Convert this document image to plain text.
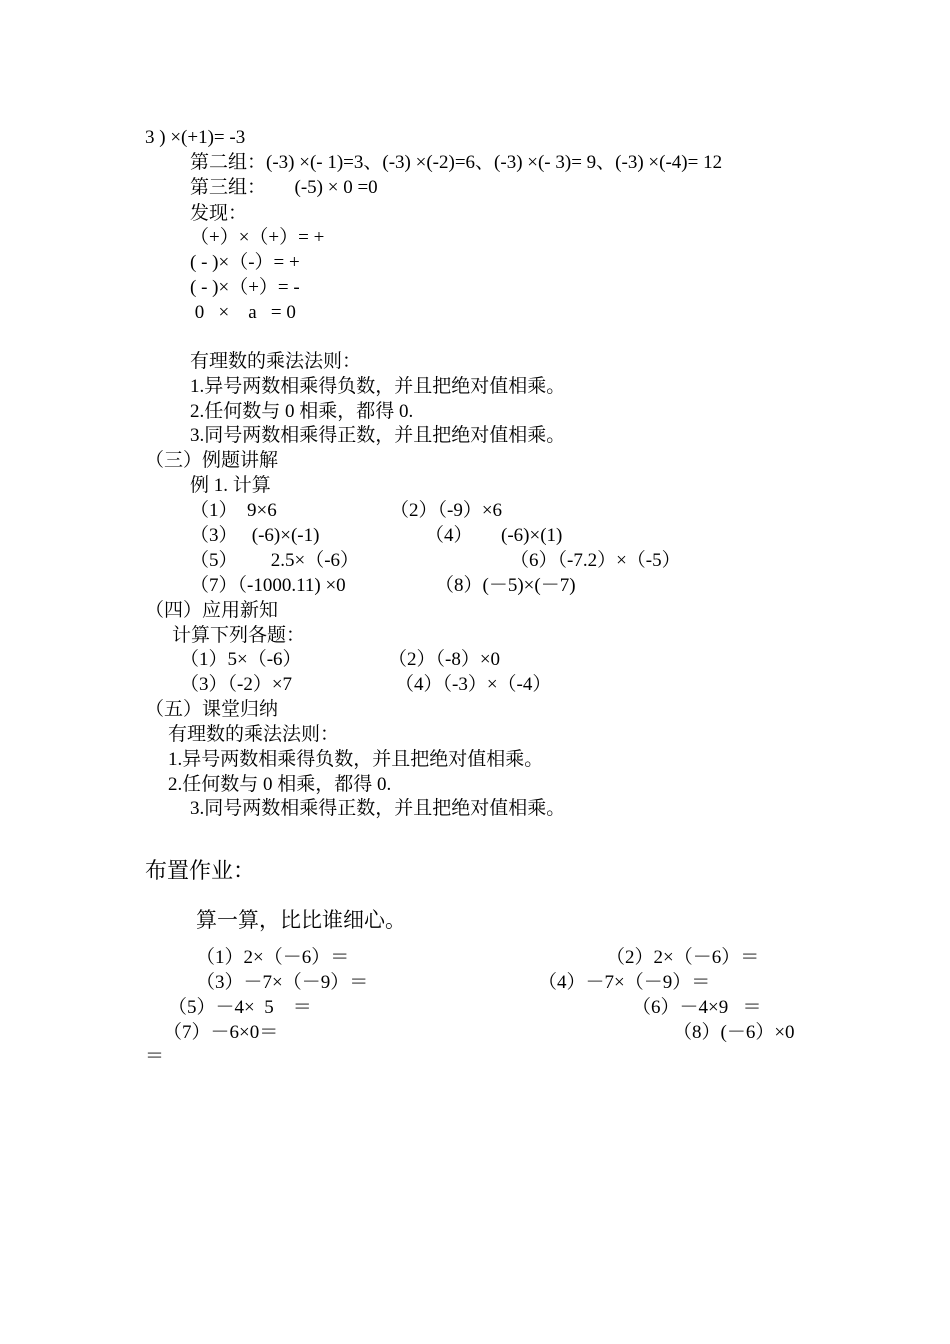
3 ) ×(+1)= -3
第二组：(-3) ×(- 1)=3、(-3) ×(-2)=6、(-3) ×(- 3)= 9、(-3) ×(-4)= 12
第三组：      (-5) × 0 =0
发现：
（+）×（+）= +
( - )×（-）= +
( - )×（+）= -
0   ×    a   = 0
有理数的乘法法则：
1.异号两数相乘得负数，并且把绝对值相乘。
2.任何数与 0 相乘，都得 0.
3.同号两数相乘得正数，并且把绝对值相乘。
（三）例题讲解
例 1. 计算

（1）  9×6

	（2）（-9）×6

（3）   (-6)×(-1)

	（4）      (-6)×(1)

（5）       2.5×（-6）

	（6）（-7.2）×（-5）

（7）（-1000.11) ×0

	（8）(－5)×(－7)

（四）应用新知
计算下列各题：

（1）5×（-6）

	（2）（-8）×0

（3）（-2）×7

	（4）（-3）×（-4）

（五）课堂归纳
有理数的乘法法则：
1.异号两数相乘得负数，并且把绝对值相乘。
2.任何数与 0 相乘，都得 0.
3.同号两数相乘得正数，并且把绝对值相乘。
布置作业：
算一算，比比谁细心。

（1）2×（－6）＝

	（2）2×（－6）＝

（3）－7×（－9）＝

	（4）－7×（－9）＝

（5）－4×  5    ＝

	（6）－4×9   ＝

（7）－6×0＝

	（8）(－6）×0

＝
